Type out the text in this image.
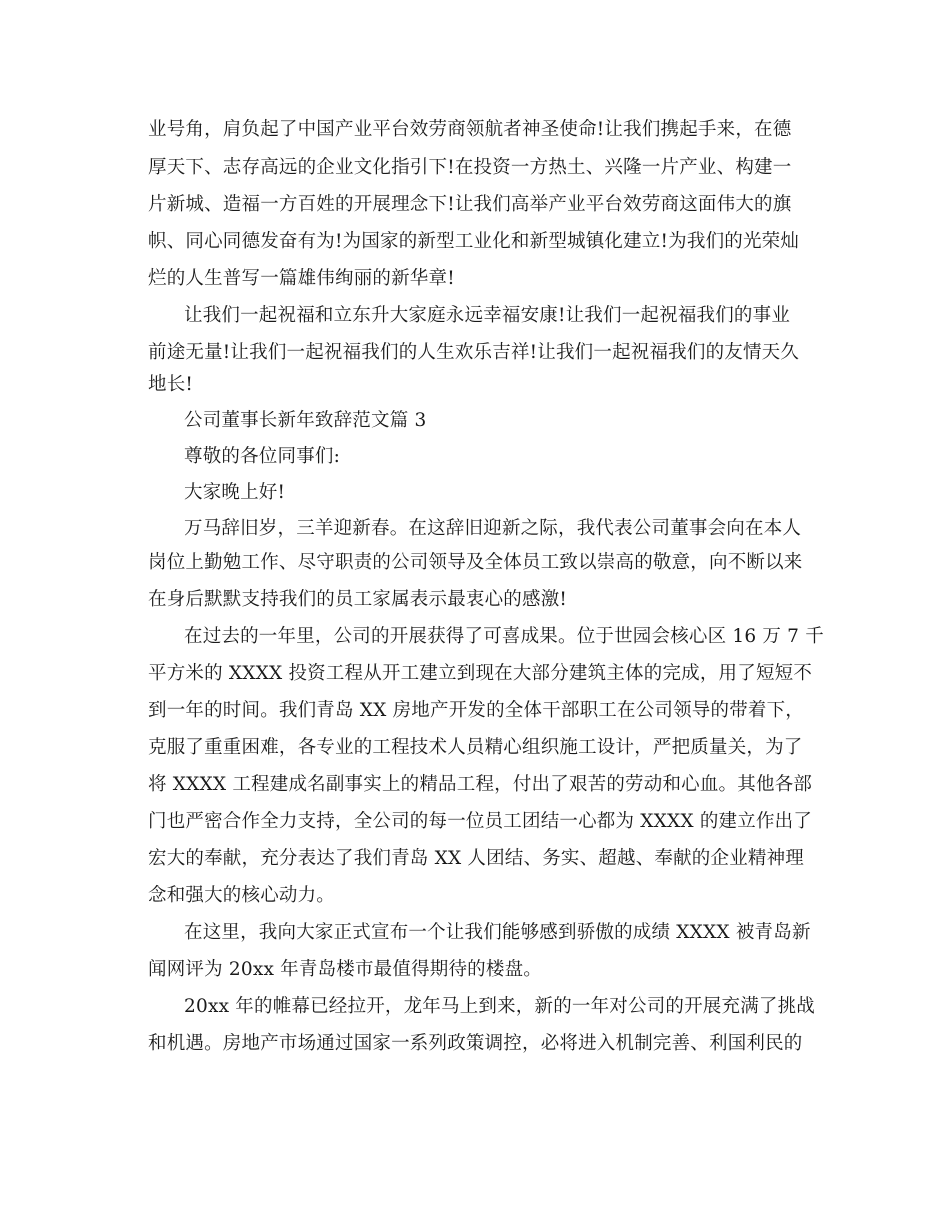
业号角，肩负起了中国产业平台效劳商领航者神圣使命!让我们携起手来，在德
厚天下、志存高远的企业文化指引下!在投资一方热土、兴隆一片产业、构建一
片新城、造福一方百姓的开展理念下!让我们高举产业平台效劳商这面伟大的旗
帜、同心同德发奋有为!为国家的新型工业化和新型城镇化建立!为我们的光荣灿
烂的人生普写一篇雄伟绚丽的新华章!
让我们一起祝福和立东升大家庭永远幸福安康!让我们一起祝福我们的事业
前途无量!让我们一起祝福我们的人生欢乐吉祥!让我们一起祝福我们的友情天久
地长!
公司董事长新年致辞范文篇 3
尊敬的各位同事们:
大家晚上好!
万马辞旧岁，三羊迎新春。在这辞旧迎新之际，我代表公司董事会向在本人
岗位上勤勉工作、尽守职责的公司领导及全体员工致以崇高的敬意，向不断以来
在身后默默支持我们的员工家属表示最衷心的感激!
在过去的一年里，公司的开展获得了可喜成果。位于世园会核心区 16 万 7 千
平方米的 XXXX 投资工程从开工建立到现在大部分建筑主体的完成，用了短短不
到一年的时间。我们青岛 XX 房地产开发的全体干部职工在公司领导的带着下，
克服了重重困难，各专业的工程技术人员精心组织施工设计，严把质量关，为了
将 XXXX 工程建成名副事实上的精品工程，付出了艰苦的劳动和心血。其他各部
门也严密合作全力支持，全公司的每一位员工团结一心都为 XXXX 的建立作出了
宏大的奉献，充分表达了我们青岛 XX 人团结、务实、超越、奉献的企业精神理
念和强大的核心动力。
在这里，我向大家正式宣布一个让我们能够感到骄傲的成绩 XXXX 被青岛新
闻网评为 20xx 年青岛楼市最值得期待的楼盘。
20xx 年的帷幕已经拉开，龙年马上到来，新的一年对公司的开展充满了挑战
和机遇。房地产市场通过国家一系列政策调控，必将进入机制完善、利国利民的
